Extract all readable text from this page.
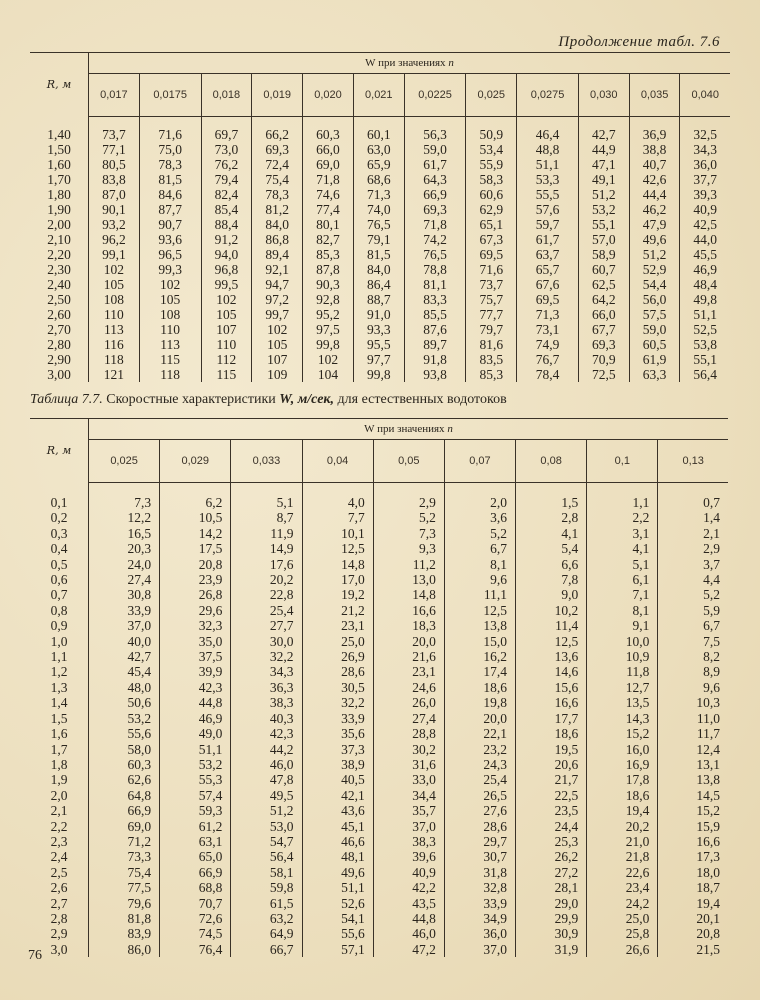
Продолжение табл. 7.6
R, м	W при значениях n											
	0,017	0,0175	0,018	0,019	0,020	0,021	0,0225	0,025	0,0275	0,030	0,035	0,040
1,40	73,7	71,6	69,7	66,2	60,3	60,1	56,3	50,9	46,4	42,7	36,9	32,5
1,50	77,1	75,0	73,0	69,3	66,0	63,0	59,0	53,4	48,8	44,9	38,8	34,3
1,60	80,5	78,3	76,2	72,4	69,0	65,9	61,7	55,9	51,1	47,1	40,7	36,0
1,70	83,8	81,5	79,4	75,4	71,8	68,6	64,3	58,3	53,3	49,1	42,6	37,7
1,80	87,0	84,6	82,4	78,3	74,6	71,3	66,9	60,6	55,5	51,2	44,4	39,3
1,90	90,1	87,7	85,4	81,2	77,4	74,0	69,3	62,9	57,6	53,2	46,2	40,9
2,00	93,2	90,7	88,4	84,0	80,1	76,5	71,8	65,1	59,7	55,1	47,9	42,5
2,10	96,2	93,6	91,2	86,8	82,7	79,1	74,2	67,3	61,7	57,0	49,6	44,0
2,20	99,1	96,5	94,0	89,4	85,3	81,5	76,5	69,5	63,7	58,9	51,2	45,5
2,30	102	99,3	96,8	92,1	87,8	84,0	78,8	71,6	65,7	60,7	52,9	46,9
2,40	105	102	99,5	94,7	90,3	86,4	81,1	73,7	67,6	62,5	54,4	48,4
2,50	108	105	102	97,2	92,8	88,7	83,3	75,7	69,5	64,2	56,0	49,8
2,60	110	108	105	99,7	95,2	91,0	85,5	77,7	71,3	66,0	57,5	51,1
2,70	113	110	107	102	97,5	93,3	87,6	79,7	73,1	67,7	59,0	52,5
2,80	116	113	110	105	99,8	95,5	89,7	81,6	74,9	69,3	60,5	53,8
2,90	118	115	112	107	102	97,7	91,8	83,5	76,7	70,9	61,9	55,1
3,00	121	118	115	109	104	99,8	93,8	85,3	78,4	72,5	63,3	56,4
Таблица 7.7. Скоростные характеристики W, м/сек, для естественных водотоков
R, м	W при значениях n								
	0,025	0,029	0,033	0,04	0,05	0,07	0,08	0,1	0,13
0,1	7,3	6,2	5,1	4,0	2,9	2,0	1,5	1,1	0,7
0,2	12,2	10,5	8,7	7,7	5,2	3,6	2,8	2,2	1,4
0,3	16,5	14,2	11,9	10,1	7,3	5,2	4,1	3,1	2,1
0,4	20,3	17,5	14,9	12,5	9,3	6,7	5,4	4,1	2,9
0,5	24,0	20,8	17,6	14,8	11,2	8,1	6,6	5,1	3,7
0,6	27,4	23,9	20,2	17,0	13,0	9,6	7,8	6,1	4,4
0,7	30,8	26,8	22,8	19,2	14,8	11,1	9,0	7,1	5,2
0,8	33,9	29,6	25,4	21,2	16,6	12,5	10,2	8,1	5,9
0,9	37,0	32,3	27,7	23,1	18,3	13,8	11,4	9,1	6,7
1,0	40,0	35,0	30,0	25,0	20,0	15,0	12,5	10,0	7,5
1,1	42,7	37,5	32,2	26,9	21,6	16,2	13,6	10,9	8,2
1,2	45,4	39,9	34,3	28,6	23,1	17,4	14,6	11,8	8,9
1,3	48,0	42,3	36,3	30,5	24,6	18,6	15,6	12,7	9,6
1,4	50,6	44,8	38,3	32,2	26,0	19,8	16,6	13,5	10,3
1,5	53,2	46,9	40,3	33,9	27,4	20,0	17,7	14,3	11,0
1,6	55,6	49,0	42,3	35,6	28,8	22,1	18,6	15,2	11,7
1,7	58,0	51,1	44,2	37,3	30,2	23,2	19,5	16,0	12,4
1,8	60,3	53,2	46,0	38,9	31,6	24,3	20,6	16,9	13,1
1,9	62,6	55,3	47,8	40,5	33,0	25,4	21,7	17,8	13,8
2,0	64,8	57,4	49,5	42,1	34,4	26,5	22,5	18,6	14,5
2,1	66,9	59,3	51,2	43,6	35,7	27,6	23,5	19,4	15,2
2,2	69,0	61,2	53,0	45,1	37,0	28,6	24,4	20,2	15,9
2,3	71,2	63,1	54,7	46,6	38,3	29,7	25,3	21,0	16,6
2,4	73,3	65,0	56,4	48,1	39,6	30,7	26,2	21,8	17,3
2,5	75,4	66,9	58,1	49,6	40,9	31,8	27,2	22,6	18,0
2,6	77,5	68,8	59,8	51,1	42,2	32,8	28,1	23,4	18,7
2,7	79,6	70,7	61,5	52,6	43,5	33,9	29,0	24,2	19,4
2,8	81,8	72,6	63,2	54,1	44,8	34,9	29,9	25,0	20,1
2,9	83,9	74,5	64,9	55,6	46,0	36,0	30,9	25,8	20,8
3,0	86,0	76,4	66,7	57,1	47,2	37,0	31,9	26,6	21,5
76
